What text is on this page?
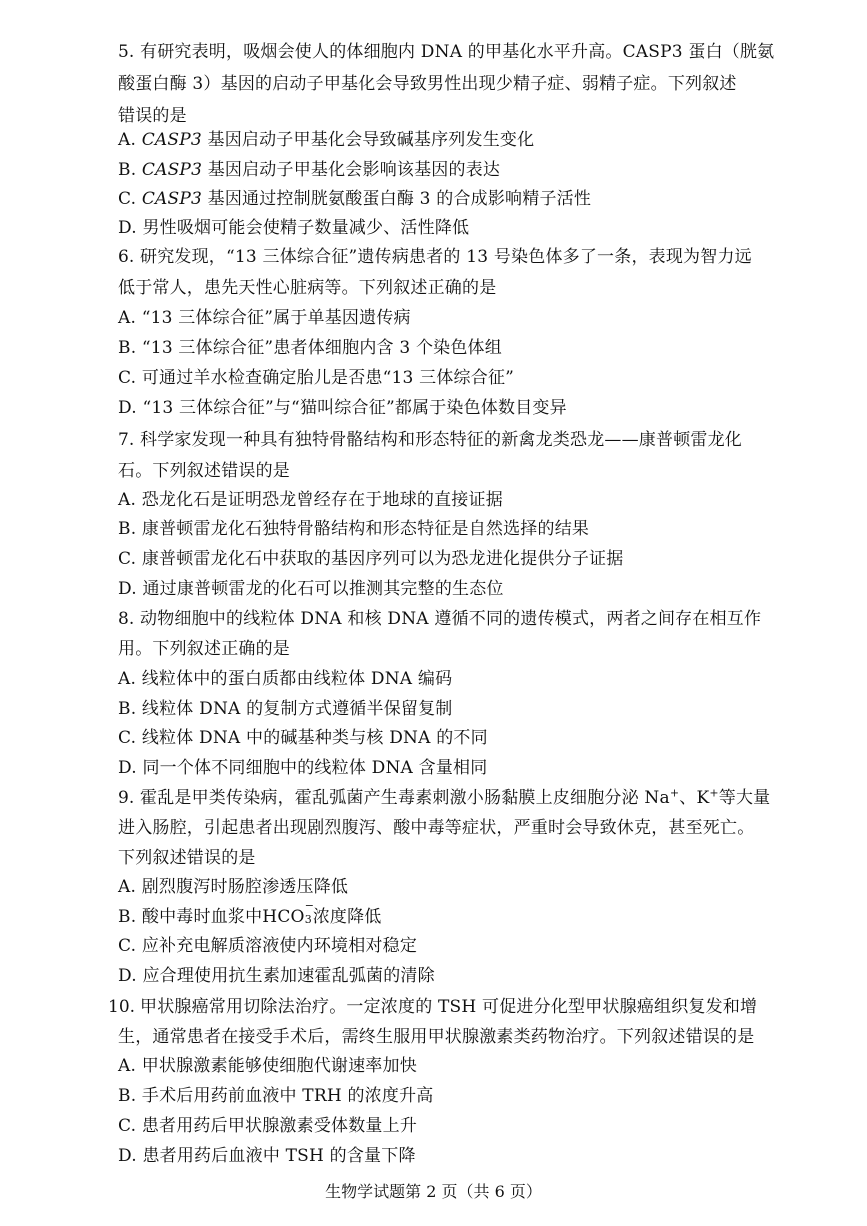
5. 有研究表明，吸烟会使人的体细胞内 DNA 的甲基化水平升高。CASP3 蛋白（胱氨
酸蛋白酶 3）基因的启动子甲基化会导致男性出现少精子症、弱精子症。下列叙述
错误的是
A. CASP3 基因启动子甲基化会导致碱基序列发生变化
B. CASP3 基因启动子甲基化会影响该基因的表达
C. CASP3 基因通过控制胱氨酸蛋白酶 3 的合成影响精子活性
D. 男性吸烟可能会使精子数量减少、活性降低
6. 研究发现，“13 三体综合征”遗传病患者的 13 号染色体多了一条，表现为智力远
低于常人，患先天性心脏病等。下列叙述正确的是
A. “13 三体综合征”属于单基因遗传病
B. “13 三体综合征”患者体细胞内含 3 个染色体组
C. 可通过羊水检查确定胎儿是否患“13 三体综合征”
D. “13 三体综合征”与“猫叫综合征”都属于染色体数目变异
7. 科学家发现一种具有独特骨骼结构和形态特征的新禽龙类恐龙——康普顿雷龙化
石。下列叙述错误的是
A. 恐龙化石是证明恐龙曾经存在于地球的直接证据
B. 康普顿雷龙化石独特骨骼结构和形态特征是自然选择的结果
C. 康普顿雷龙化石中获取的基因序列可以为恐龙进化提供分子证据
D. 通过康普顿雷龙的化石可以推测其完整的生态位
8. 动物细胞中的线粒体 DNA 和核 DNA 遵循不同的遗传模式，两者之间存在相互作
用。下列叙述正确的是
A. 线粒体中的蛋白质都由线粒体 DNA 编码
B. 线粒体 DNA 的复制方式遵循半保留复制
C. 线粒体 DNA 中的碱基种类与核 DNA 的不同
D. 同一个体不同细胞中的线粒体 DNA 含量相同
9. 霍乱是甲类传染病，霍乱弧菌产生毒素刺激小肠黏膜上皮细胞分泌 Na+、K+等大量
进入肠腔，引起患者出现剧烈腹泻、酸中毒等症状，严重时会导致休克，甚至死亡。
下列叙述错误的是
A. 剧烈腹泻时肠腔渗透压降低
B. 酸中毒时血浆中HCO
−
3 浓度降低
C. 应补充电解质溶液使内环境相对稳定
D. 应合理使用抗生素加速霍乱弧菌的清除
10. 甲状腺癌常用切除法治疗。一定浓度的 TSH 可促进分化型甲状腺癌组织复发和增
生，通常患者在接受手术后，需终生服用甲状腺激素类药物治疗。下列叙述错误的是
A. 甲状腺激素能够使细胞代谢速率加快
B. 手术后用药前血液中 TRH 的浓度升高
C. 患者用药后甲状腺激素受体数量上升
D. 患者用药后血液中 TSH 的含量下降
生物学试题第 2 页（共 6 页）
